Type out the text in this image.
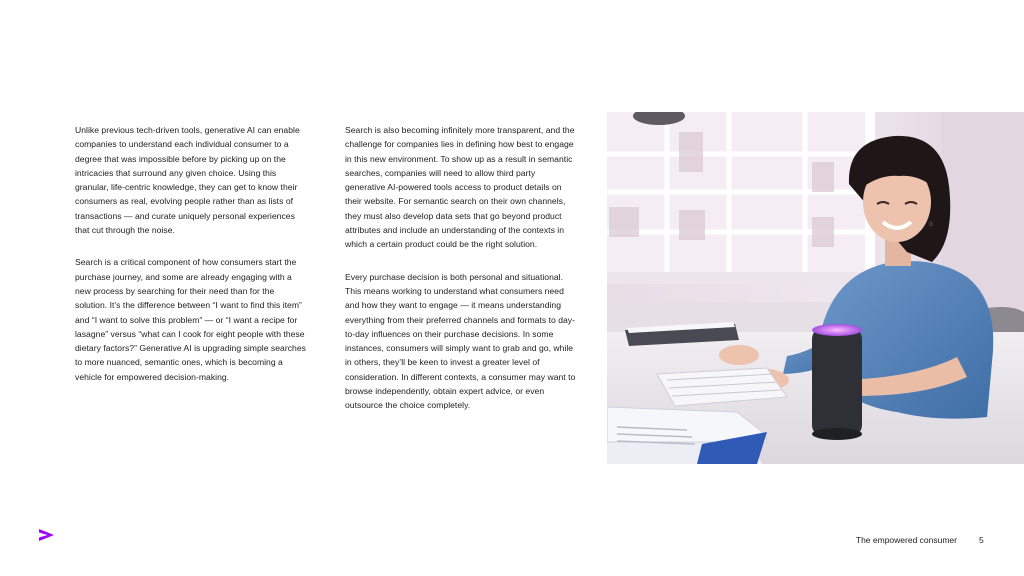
Unlike previous tech-driven tools, generative AI can enable companies to understand each individual consumer to a degree that was impossible before by picking up on the intricacies that surround any given choice. Using this granular, life-centric knowledge, they can get to know their consumers as real, evolving people rather than as lists of transactions — and curate uniquely personal experiences that cut through the noise.

Search is a critical component of how consumers start the purchase journey, and some are already engaging with a new process by searching for their need than for the solution. It’s the difference between “I want to find this item” and “I want to solve this problem” — or “I want a recipe for lasagne” versus “what can I cook for eight people with these dietary factors?” Generative AI is upgrading simple searches to more nuanced, semantic ones, which is becoming a vehicle for empowered decision-making.

Search is also becoming infinitely more transparent, and the challenge for companies lies in defining how best to engage in this new environment. To show up as a result in semantic searches, companies will need to allow third party generative AI-powered tools access to product details on their website. For semantic search on their own channels, they must also develop data sets that go beyond product attributes and include an understanding of the contexts in which a certain product could be the right solution.

Every purchase decision is both personal and situational. This means working to understand what consumers need and how they want to engage — it means understanding everything from their preferred channels and formats to day-to-day influences on their purchase decisions. In some instances, consumers will simply want to grab and go, while in others, they’ll be keen to invest a greater level of consideration. In different contexts, a consumer may want to browse independently, obtain expert advice, or even outsource the choice completely.

The empowered consumer	5
